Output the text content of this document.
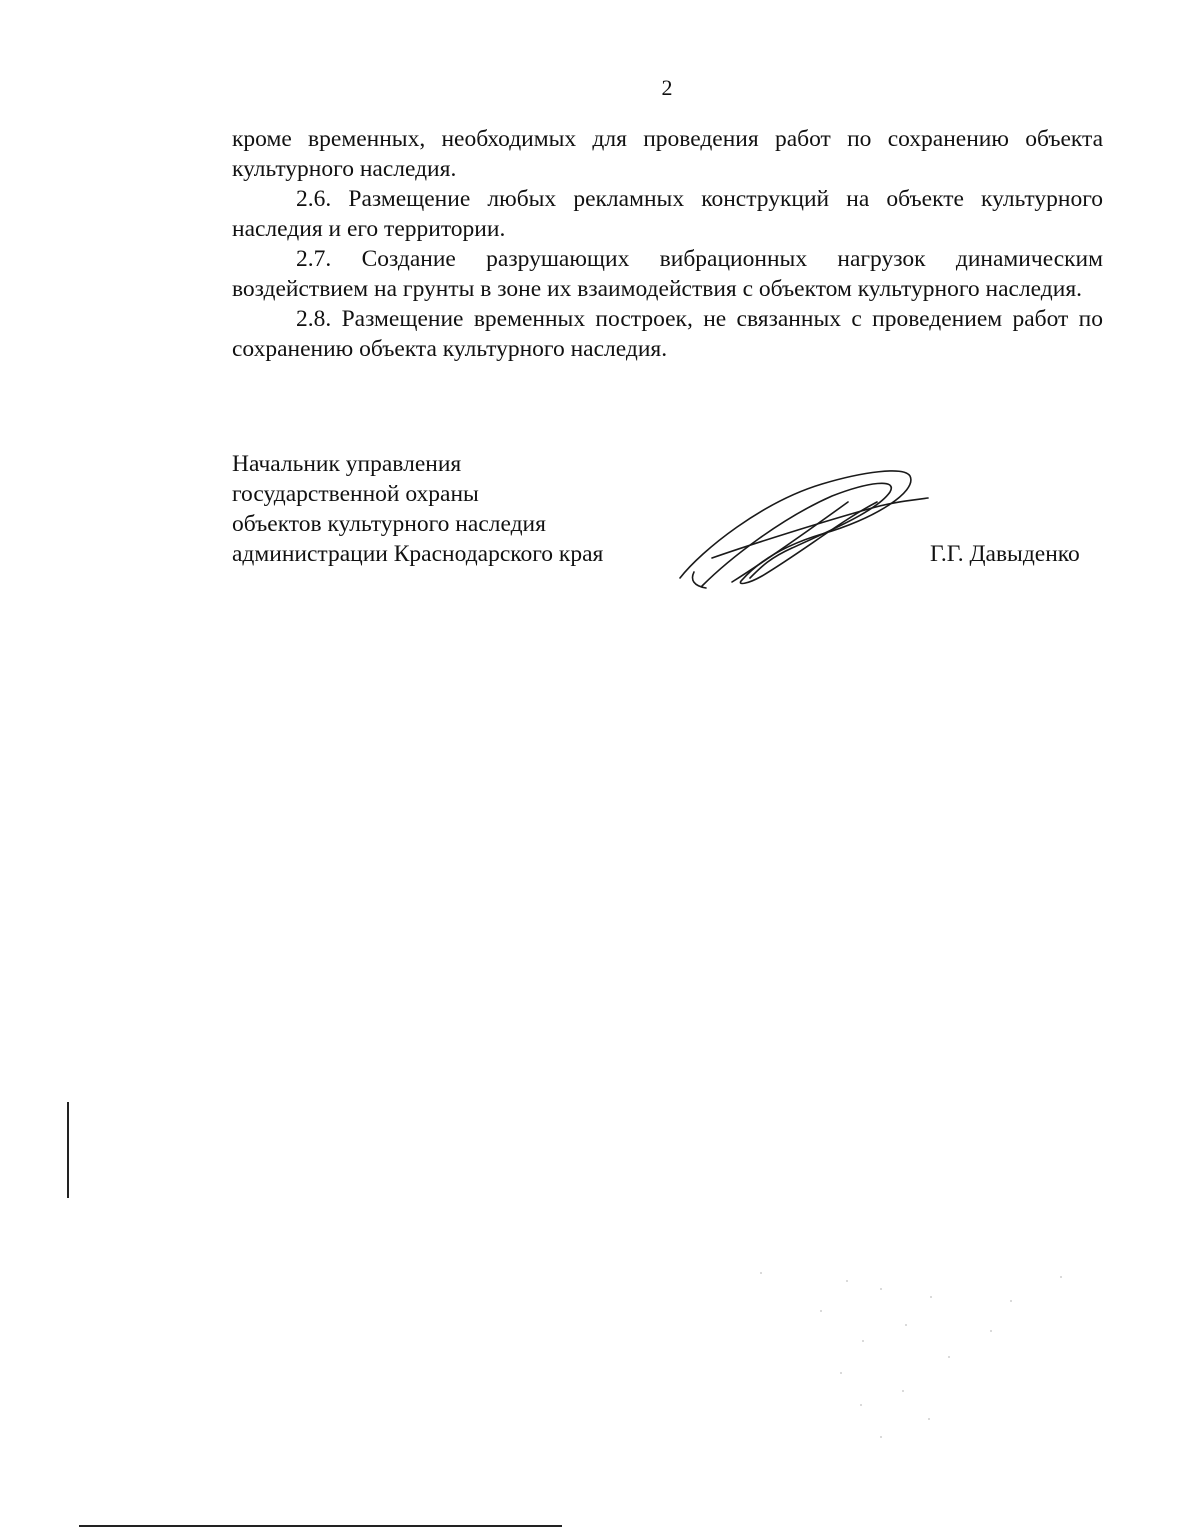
2

кроме временных, необходимых для проведения работ по сохранению объекта культурного наследия.

2.6. Размещение любых рекламных конструкций на объекте культурного наследия и его территории.

2.7. Создание разрушающих вибрационных нагрузок динамическим воздействием на грунты в зоне их взаимодействия с объектом культурного наследия.

2.8. Размещение временных построек, не связанных с проведением работ по сохранению объекта культурного наследия.

Начальник управления
государственной охраны
объектов культурного наследия
администрации Краснодарского края	Г.Г. Давыденко
